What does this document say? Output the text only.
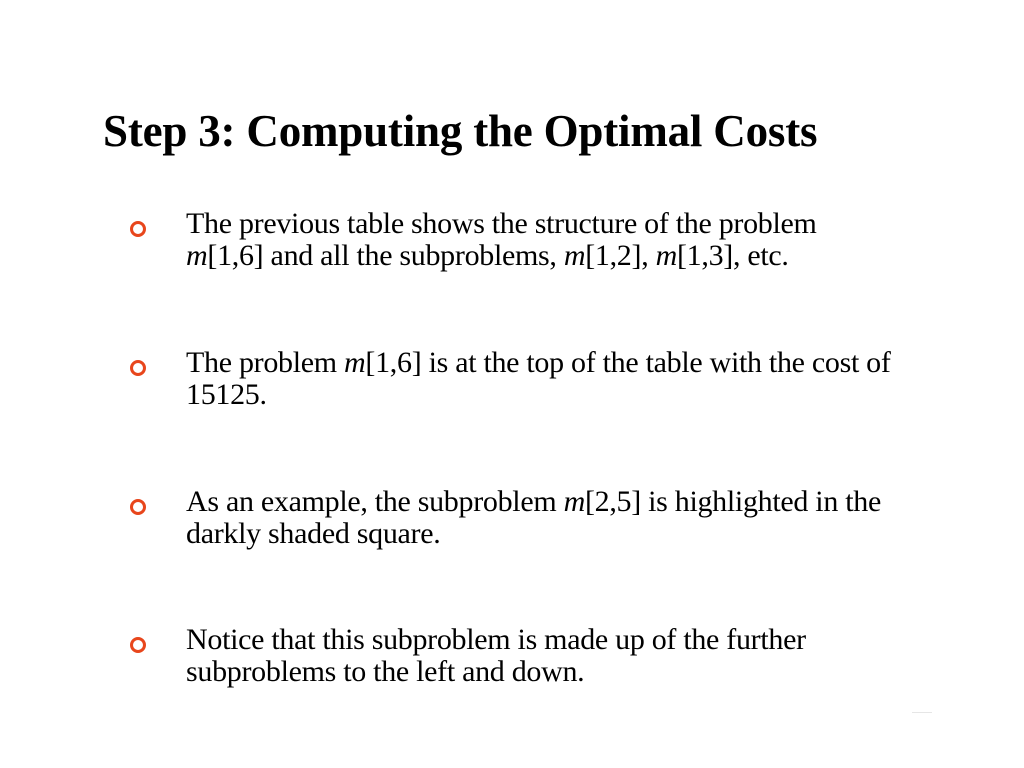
Step 3: Computing the Optimal Costs
The previous table shows the structure of the problem
m[1,6] and all the subproblems, m[1,2], m[1,3], etc.
The problem m[1,6] is at the top of the table with the cost of
15125.
As an example, the subproblem m[2,5] is highlighted in the
darkly shaded square.
Notice that this subproblem is made up of the further
subproblems to the left and down.
